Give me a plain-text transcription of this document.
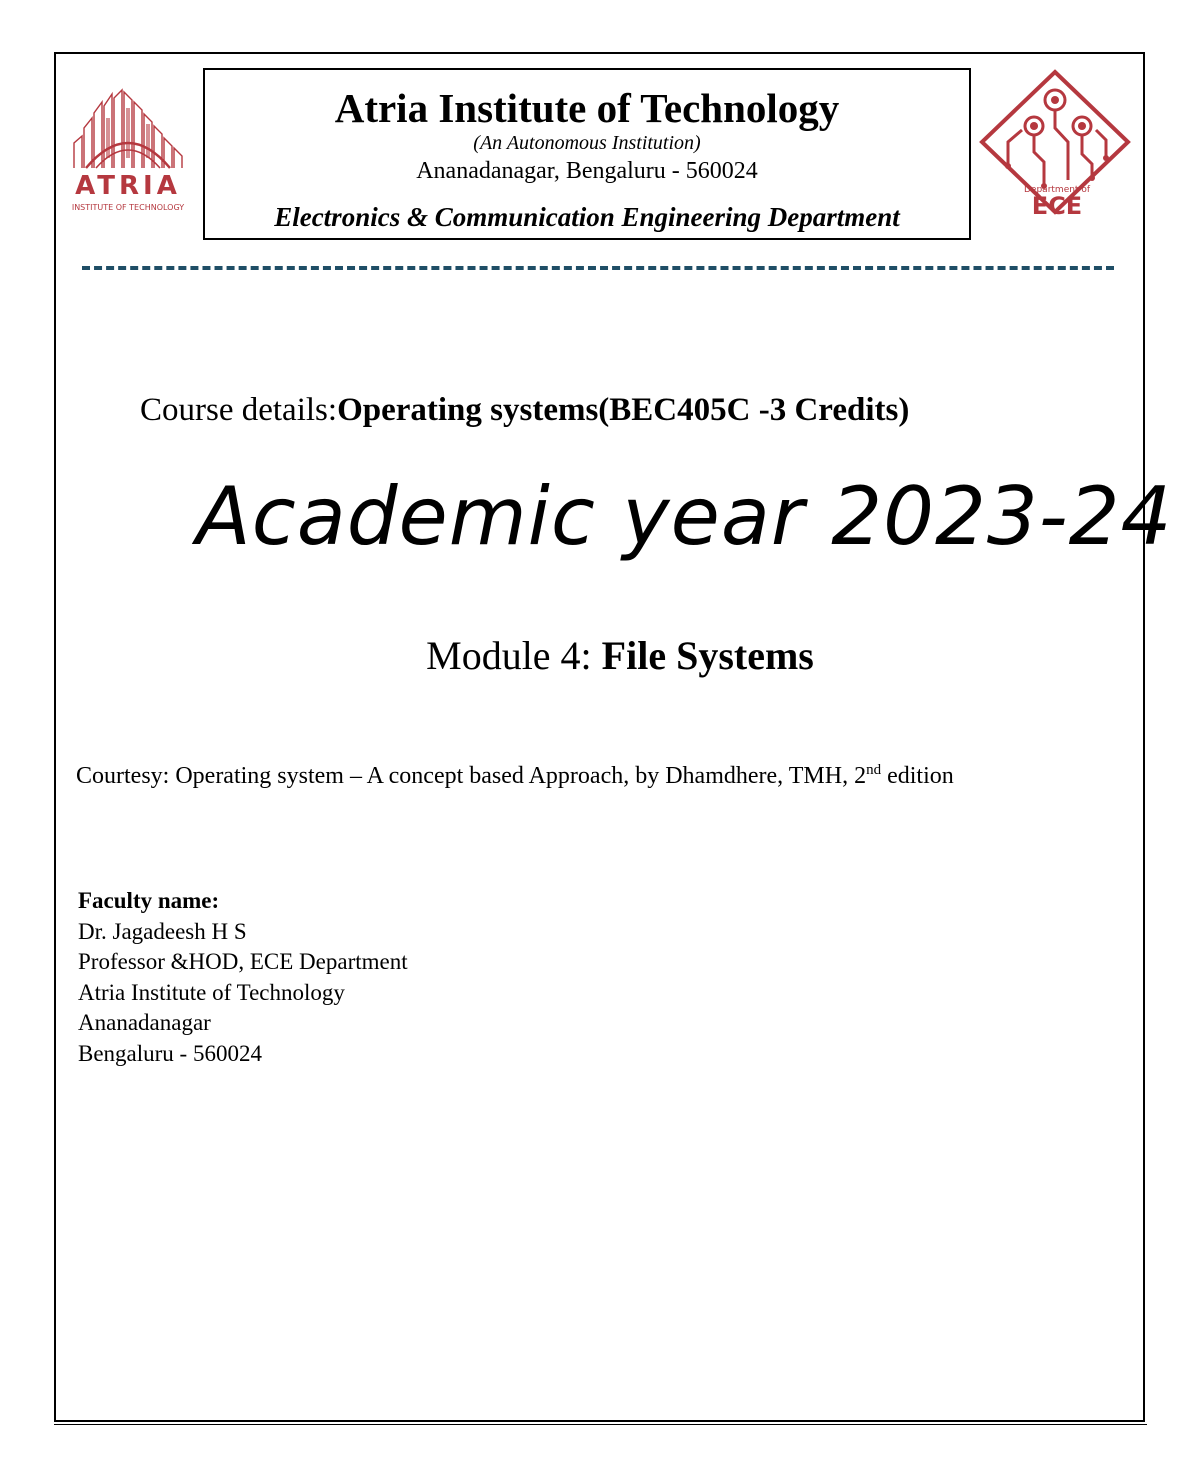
ATRIA
INSTITUTE OF TECHNOLOGY
Atria Institute of Technology
(An Autonomous Institution)
Ananadanagar, Bengaluru - 560024
Electronics & Communication Engineering Department
Department of
ECE
Course details:Operating systems(BEC405C -3 Credits)
Academic year 2023-24
Module 4: File Systems
Courtesy: Operating system – A concept based Approach, by Dhamdhere, TMH, 2nd edition
Faculty name:
Dr. Jagadeesh H S
Professor &HOD, ECE Department
Atria Institute of Technology
Ananadanagar
Bengaluru - 560024
